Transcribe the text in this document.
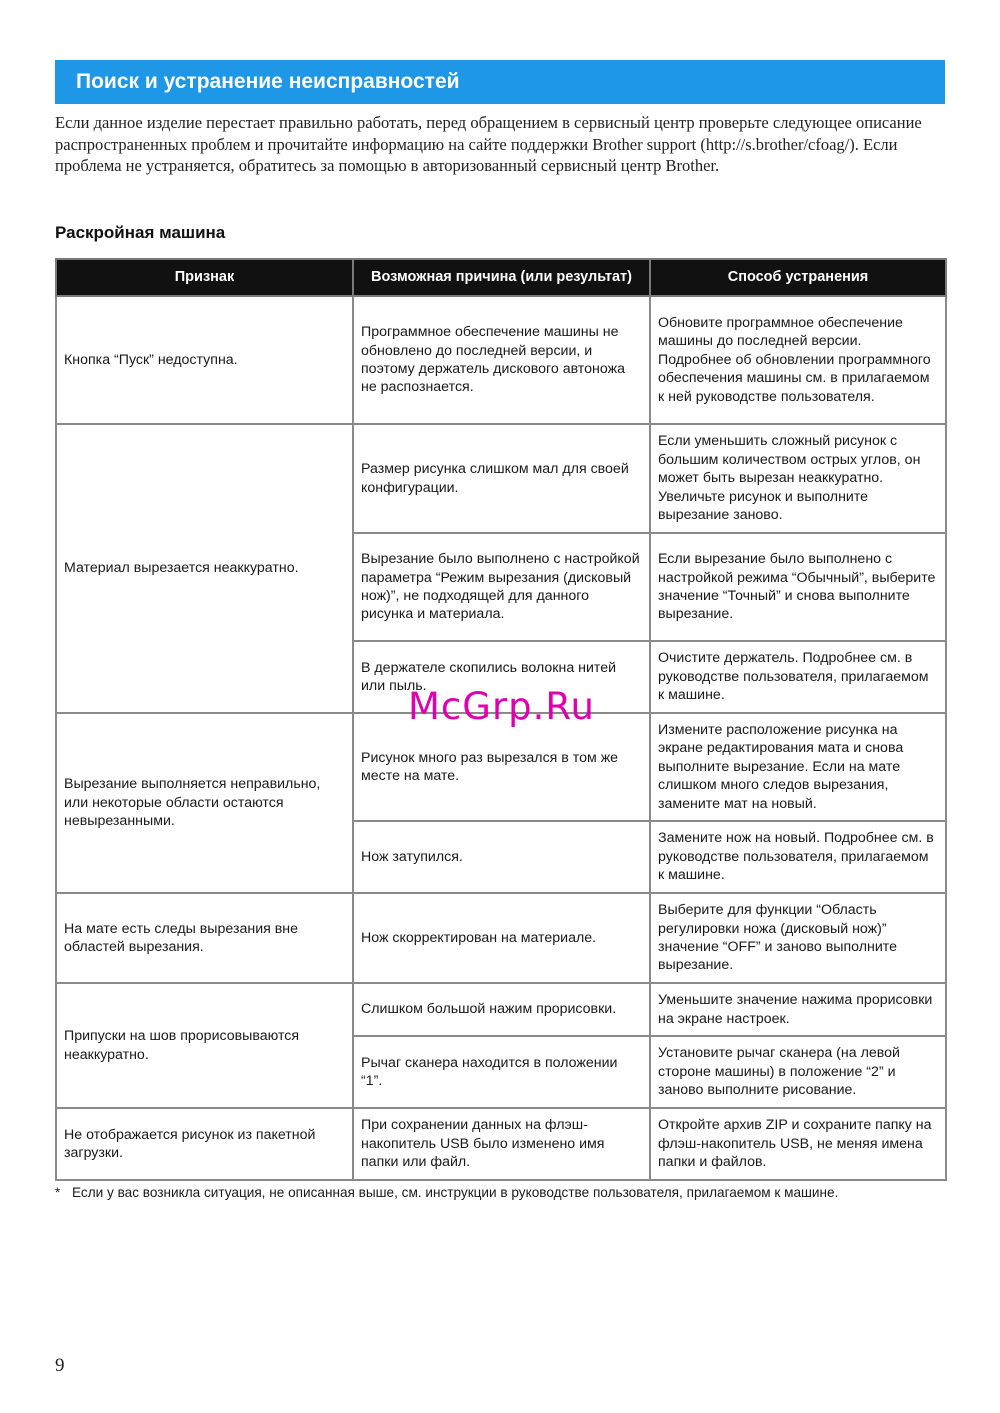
Поиск и устранение неисправностей
Если данное изделие перестает правильно работать, перед обращением в сервисный центр проверьте следующее описание распространенных проблем и прочитайте информацию на сайте поддержки Brother support (http://s.brother/cfoag/). Если проблема не устраняется, обратитесь за помощью в авторизованный сервисный центр Brother.
Раскройная машина
Признак	Возможная причина (или результат)	Способ устранения
Кнопка “Пуск” недоступна.	Программное обеспечение машины не обновлено до последней версии, и поэтому держатель дискового автоножа не распознается.	Обновите программное обеспечение машины до последней версии. Подробнее об обновлении программного обеспечения машины см. в прилагаемом к ней руководстве пользователя.
Материал вырезается неаккуратно.	Размер рисунка слишком мал для своей конфигурации.	Если уменьшить сложный рисунок с большим количеством острых углов, он может быть вырезан неаккуратно. Увеличьте рисунок и выполните вырезание заново.
	Вырезание было выполнено с настройкой параметра “Режим вырезания (дисковый нож)”, не подходящей для данного рисунка и материала.	Если вырезание было выполнено с настройкой режима “Обычный”, выберите значение “Точный” и снова выполните вырезание.
	В держателе скопились волокна нитей или пыль.	Очистите держатель. Подробнее см. в руководстве пользователя, прилагаемом к машине.
Вырезание выполняется неправильно, или некоторые области остаются невырезанными.	Рисунок много раз вырезался в том же месте на мате.	Измените расположение рисунка на экране редактирования мата и снова выполните вырезание. Если на мате слишком много следов вырезания, замените мат на новый.
	Нож затупился.	Замените нож на новый. Подробнее см. в руководстве пользователя, прилагаемом к машине.
На мате есть следы вырезания вне областей вырезания.	Нож скорректирован на материале.	Выберите для функции “Область регулировки ножа (дисковый нож)” значение “OFF” и заново выполните вырезание.
Припуски на шов прорисовываются неаккуратно.	Слишком большой нажим прорисовки.	Уменьшите значение нажима прорисовки на экране настроек.
	Рычаг сканера находится в положении “1”.	Установите рычаг сканера (на левой стороне машины) в положение “2” и заново выполните рисование.
Не отображается рисунок из пакетной загрузки.	При сохранении данных на флэш-накопитель USB было изменено имя папки или файл.	Откройте архив ZIP и сохраните папку на флэш-накопитель USB, не меняя имена папки и файлов.
* Если у вас возникла ситуация, не описанная выше, см. инструкции в руководстве пользователя, прилагаемом к машине.
McGrp.Ru
9
